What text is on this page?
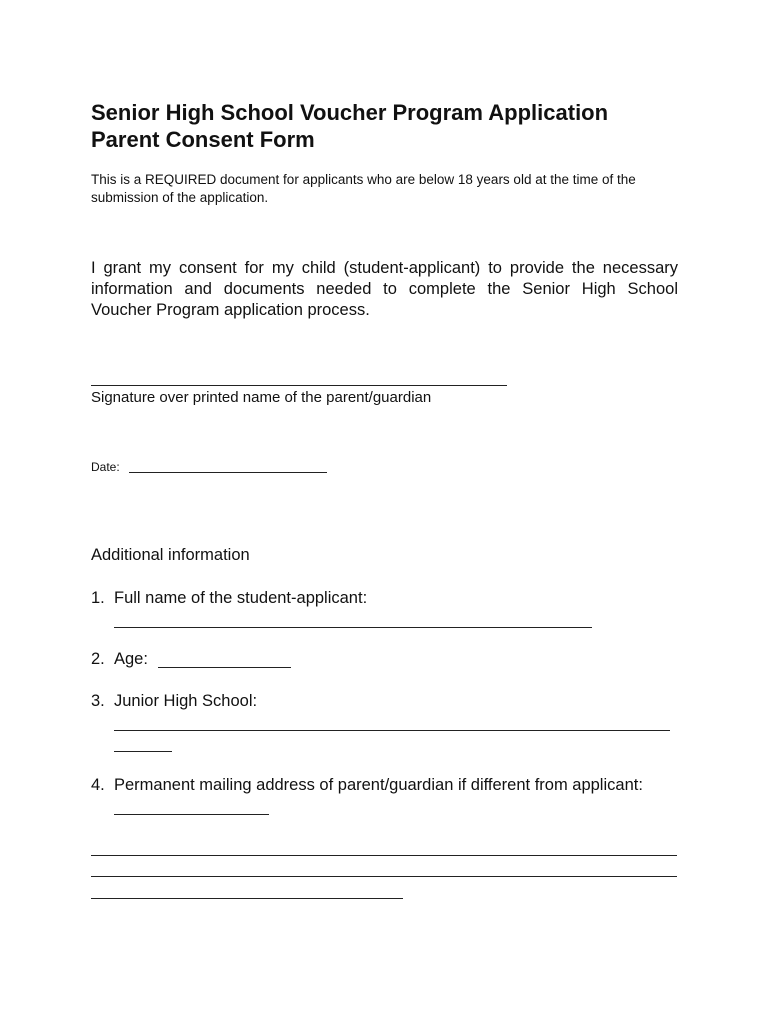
Senior High School Voucher Program Application
Parent Consent Form

This is a REQUIRED document for applicants who are below 18 years old at the time of the submission of the application.

I grant my consent for my child (student-applicant) to provide the necessary information and documents needed to complete the Senior High School Voucher Program application process.

Signature over printed name of the parent/guardian

Date:

Additional information

1. Full name of the student-applicant:
2. Age:
3. Junior High School:
4. Permanent mailing address of parent/guardian if different from applicant:
